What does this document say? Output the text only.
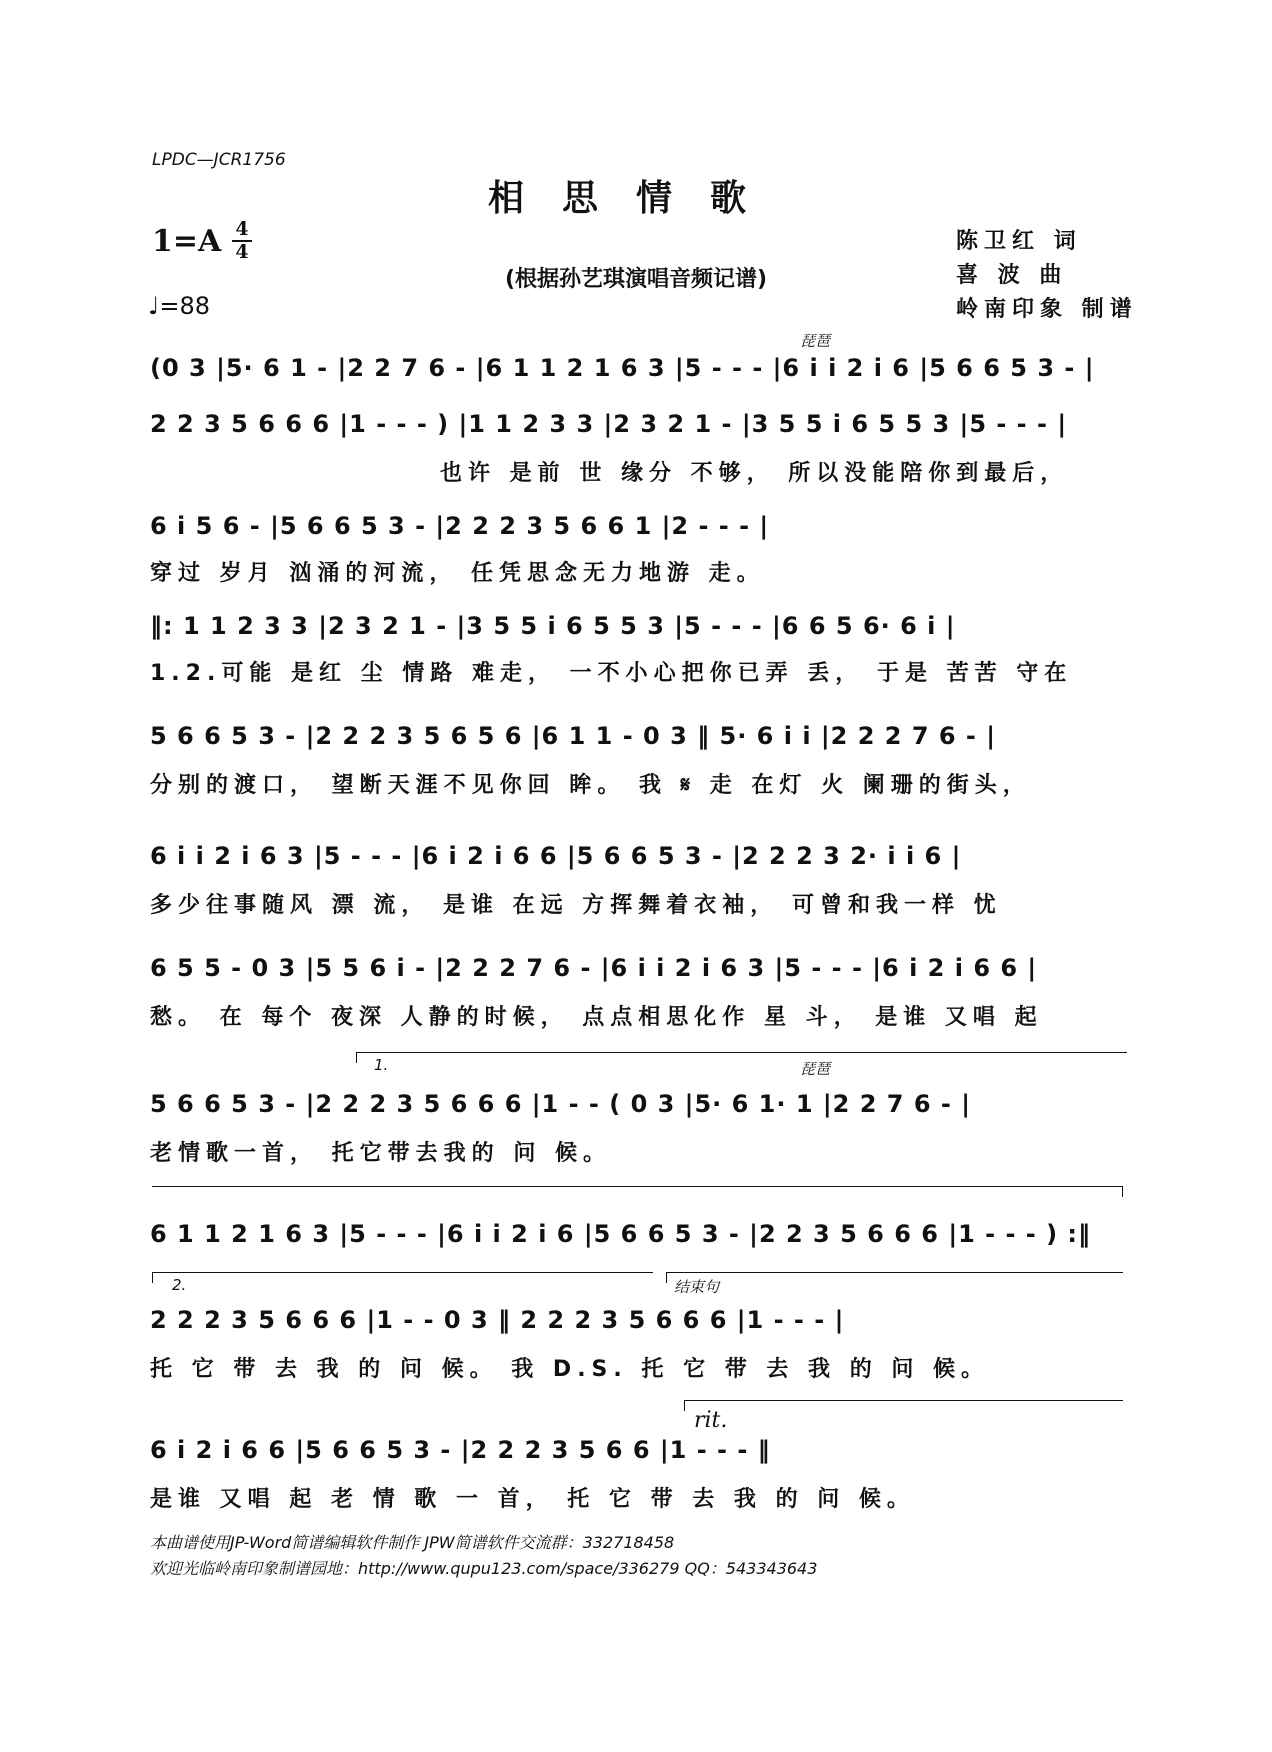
LPDC—JCR1756
相思情歌
1=A 4
4
♩=88
(根据孙艺琪演唱音频记谱)
陈卫红 词
喜 波 曲
岭南印象 制谱
琵琶
(0 3 |5· 6 1 - |2 2 7 6 - |6 1 1 2 1 6 3 |5 - - - |6 i i 2 i 6 |5 6 6 5 3 - |
2 2 3 5 6 6 6 |1 - - - ) |1 1 2 3 3 |2 3 2 1 - |3 5 5 i 6 5 5 3 |5 - - - |
也许 是前 世 缘分 不够， 所以没能陪你到最后，
6 i 5 6 - |5 6 6 5 3 - |2 2 2 3 5 6 6 1 |2 - - - |
穿过 岁月 汹涌的河流， 任凭思念无力地游 走。
‖: 1 1 2 3 3 |2 3 2 1 - |3 5 5 i 6 5 5 3 |5 - - - |6 6 5 6· 6 i |
1.2.可能 是红 尘 情路 难走， 一不小心把你已弄 丢， 于是 苦苦 守在
5 6 6 5 3 - |2 2 2 3 5 6 5 6 |6 1 1 - 0 3 ‖ 5· 6 i i |2 2 2 7 6 - |
分别的渡口， 望断天涯不见你回 眸。 我 𝄋 走 在灯 火 阑珊的街头，
6 i i 2 i 6 3 |5 - - - |6 i 2 i 6 6 |5 6 6 5 3 - |2 2 2 3 2· i i 6 |
多少往事随风 漂 流， 是谁 在远 方挥舞着衣袖， 可曾和我一样 忧
6 5 5 - 0 3 |5 5 6 i - |2 2 2 7 6 - |6 i i 2 i 6 3 |5 - - - |6 i 2 i 6 6 |
愁。 在 每个 夜深 人静的时候， 点点相思化作 星 斗， 是谁 又唱 起
1.	琵琶
5 6 6 5 3 - |2 2 2 3 5 6 6 6 |1 - - ( 0 3 |5· 6 1· 1 |2 2 7 6 - |
老情歌一首， 托它带去我的 问 候。
6 1 1 2 1 6 3 |5 - - - |6 i i 2 i 6 |5 6 6 5 3 - |2 2 3 5 6 6 6 |1 - - - ) :‖
2.	结束句
2 2 2 3 5 6 6 6 |1 - - 0 3 ‖ 2 2 2 3 5 6 6 6 |1 - - - |
托 它 带 去 我 的 问 候。 我 D.S. 托 它 带 去 我 的 问 候。
rit.
6 i 2 i 6 6 |5 6 6 5 3 - |2 2 2 3 5 6 6 |1 - - - ‖
是谁 又唱 起 老 情 歌 一 首， 托 它 带 去 我 的 问 候。
本曲谱使用JP-Word简谱编辑软件制作 JPW简谱软件交流群：332718458
欢迎光临岭南印象制谱园地：http://www.qupu123.com/space/336279 QQ：543343643
